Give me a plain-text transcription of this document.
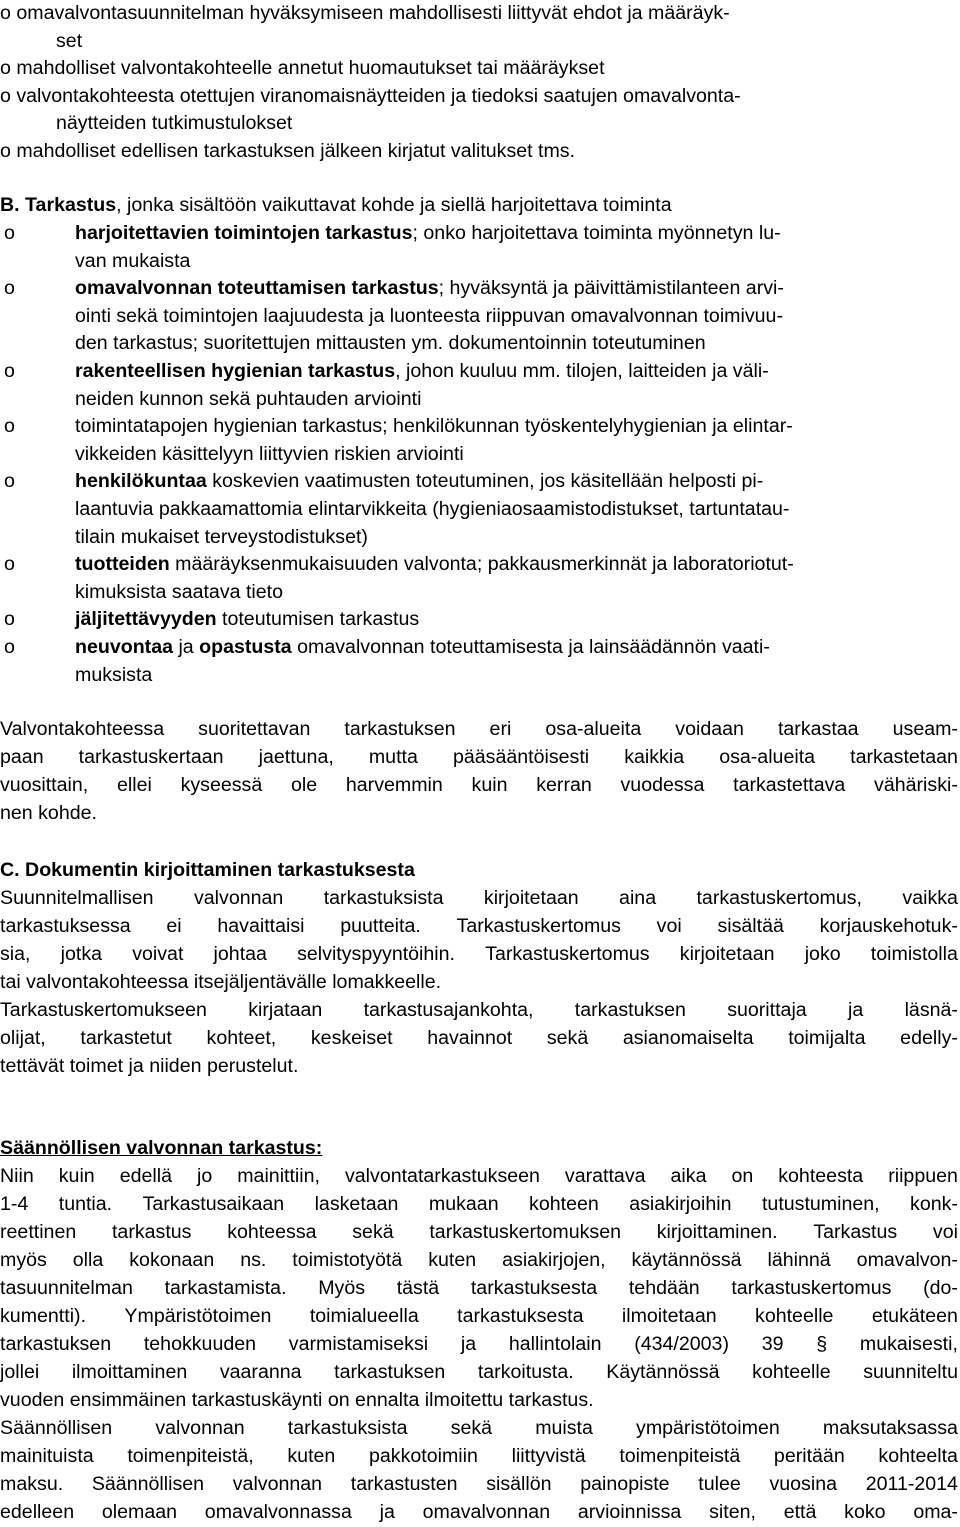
o omavalvontasuunnitelman hyväksymiseen mahdollisesti liittyvät ehdot ja määräyk-
set
o mahdolliset valvontakohteelle annetut huomautukset tai määräykset
o valvontakohteesta otettujen viranomaisnäytteiden ja tiedoksi saatujen omavalvonta-
näytteiden tutkimustulokset
o mahdolliset edellisen tarkastuksen jälkeen kirjatut valitukset tms.
B. Tarkastus, jonka sisältöön vaikuttavat kohde ja siellä harjoitettava toiminta
o	harjoitettavien toimintojen tarkastus; onko harjoitettava toiminta myönnetyn lu-
van mukaista
o	omavalvonnan toteuttamisen tarkastus; hyväksyntä ja päivittämistilanteen arvi-
ointi sekä toimintojen laajuudesta ja luonteesta riippuvan omavalvonnan toimivuu-
den tarkastus; suoritettujen mittausten ym. dokumentoinnin toteutuminen
o	rakenteellisen hygienian tarkastus, johon kuuluu mm. tilojen, laitteiden ja väli-
neiden kunnon sekä puhtauden arviointi
o	toimintatapojen hygienian tarkastus; henkilökunnan työskentelyhygienian ja elintar-
vikkeiden käsittelyyn liittyvien riskien arviointi
o	henkilökuntaa koskevien vaatimusten toteutuminen, jos käsitellään helposti pi-
laantuvia pakkaamattomia elintarvikkeita (hygieniaosaamistodistukset, tartuntatau-
tilain mukaiset terveystodistukset)
o	tuotteiden määräyksenmukaisuuden valvonta; pakkausmerkinnät ja laboratoriotut-
kimuksista saatava tieto
o	jäljitettävyyden toteutumisen tarkastus
o	neuvontaa ja opastusta omavalvonnan toteuttamisesta ja lainsäädännön vaati-
muksista
Valvontakohteessa suoritettavan tarkastuksen eri osa-alueita voidaan tarkastaa useam-
paan tarkastuskertaan jaettuna, mutta pääsääntöisesti kaikkia osa-alueita tarkastetaan
vuosittain, ellei kyseessä ole harvemmin kuin kerran vuodessa tarkastettava vähäriski-
nen kohde.
C. Dokumentin kirjoittaminen tarkastuksesta
Suunnitelmallisen valvonnan tarkastuksista kirjoitetaan aina tarkastuskertomus, vaikka
tarkastuksessa ei havaittaisi puutteita. Tarkastuskertomus voi sisältää korjauskehotuk-
sia, jotka voivat johtaa selvityspyyntöihin. Tarkastuskertomus kirjoitetaan joko toimistolla
tai valvontakohteessa itsejäljentävälle lomakkeelle.
Tarkastuskertomukseen kirjataan tarkastusajankohta, tarkastuksen suorittaja ja läsnä-
olijat, tarkastetut kohteet, keskeiset havainnot sekä asianomaiselta toimijalta edelly-
tettävät toimet ja niiden perustelut.
Säännöllisen valvonnan tarkastus:
Niin kuin edellä jo mainittiin, valvontatarkastukseen varattava aika on kohteesta riippuen
1-4 tuntia. Tarkastusaikaan lasketaan mukaan kohteen asiakirjoihin tutustuminen, konk-
reettinen tarkastus kohteessa sekä tarkastuskertomuksen kirjoittaminen. Tarkastus voi
myös olla kokonaan ns. toimistotyötä kuten asiakirjojen, käytännössä lähinnä omavalvon-
tasuunnitelman tarkastamista. Myös tästä tarkastuksesta tehdään tarkastuskertomus (do-
kumentti). Ympäristötoimen toimialueella tarkastuksesta ilmoitetaan kohteelle etukäteen
tarkastuksen tehokkuuden varmistamiseksi ja hallintolain (434/2003) 39 § mukaisesti,
jollei ilmoittaminen vaaranna tarkastuksen tarkoitusta. Käytännössä kohteelle suunniteltu
vuoden ensimmäinen tarkastuskäynti on ennalta ilmoitettu tarkastus.
Säännöllisen valvonnan tarkastuksista sekä muista ympäristötoimen maksutaksassa
mainituista toimenpiteistä, kuten pakkotoimiin liittyvistä toimenpiteistä peritään kohteelta
maksu. Säännöllisen valvonnan tarkastusten sisällön painopiste tulee vuosina 2011-2014
edelleen olemaan omavalvonnassa ja omavalvonnan arvioinnissa siten, että koko oma-
